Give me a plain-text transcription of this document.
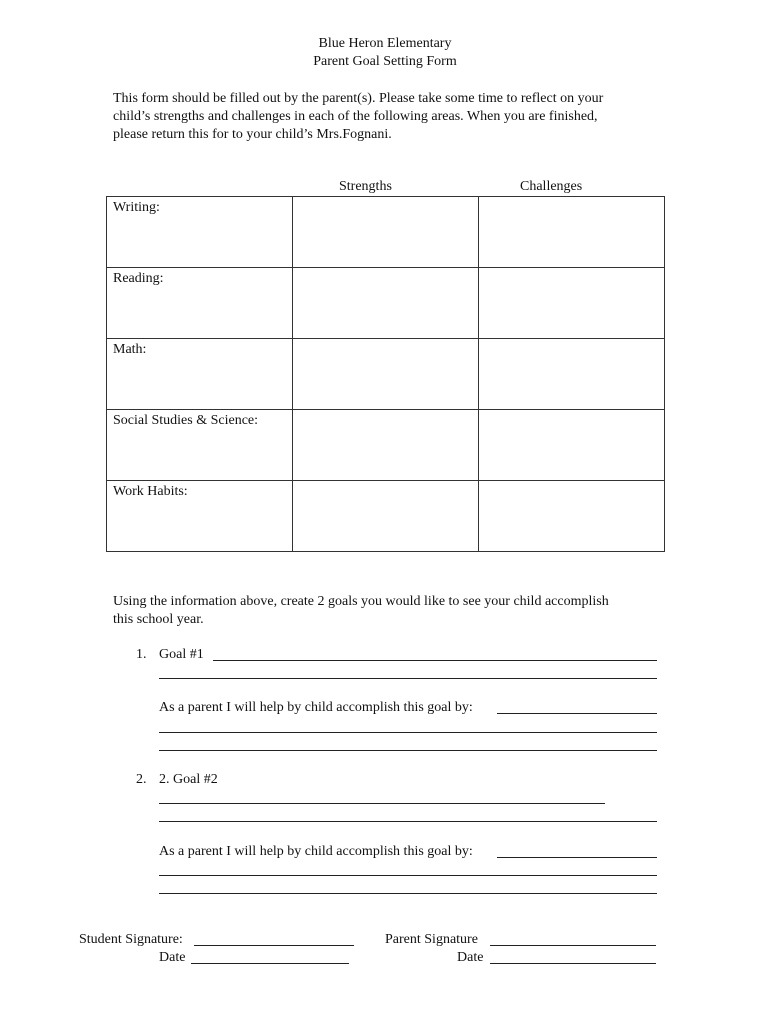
Blue Heron Elementary
Parent Goal Setting Form
This form should be filled out by the parent(s). Please take some time to reflect on your
child’s strengths and challenges in each of the following areas. When you are finished,
please return this for to your child’s Mrs.Fognani.
Strengths	Challenges
Writing:		
Reading:		
Math:		
Social Studies & Science:		
Work Habits:		
Using the information above, create 2 goals you would like to see your child accomplish
this school year.
1. Goal #1
As a parent I will help by child accomplish this goal by:
2. 2. Goal #2
As a parent I will help by child accomplish this goal by:
Student Signature:
Date
Parent Signature
Date
